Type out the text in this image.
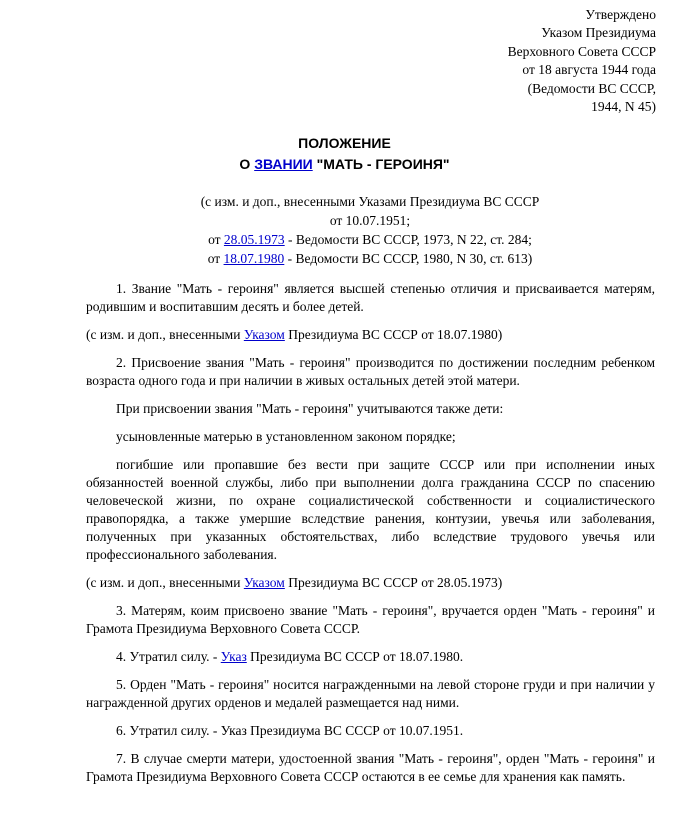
Утверждено
Указом Президиума
Верховного Совета СССР
от 18 августа 1944 года
(Ведомости ВС СССР,
1944, N 45)
ПОЛОЖЕНИЕ
О ЗВАНИИ "МАТЬ - ГЕРОИНЯ"
(с изм. и доп., внесенными Указами Президиума ВС СССР
от 10.07.1951;
от 28.05.1973 - Ведомости ВС СССР, 1973, N 22, ст. 284;
от 18.07.1980 - Ведомости ВС СССР, 1980, N 30, ст. 613)

1. Звание "Мать - героиня" является высшей степенью отличия и присваивается матерям, родившим и воспитавшим десять и более детей.

(с изм. и доп., внесенными Указом Президиума ВС СССР от 18.07.1980)

2. Присвоение звания "Мать - героиня" производится по достижении последним ребенком возраста одного года и при наличии в живых остальных детей этой матери.

При присвоении звания "Мать - героиня" учитываются также дети:

усыновленные матерью в установленном законом порядке;

погибшие или пропавшие без вести при защите СССР или при исполнении иных обязанностей военной службы, либо при выполнении долга гражданина СССР по спасению человеческой жизни, по охране социалистической собственности и социалистического правопорядка, а также умершие вследствие ранения, контузии, увечья или заболевания, полученных при указанных обстоятельствах, либо вследствие трудового увечья или профессионального заболевания.

(с изм. и доп., внесенными Указом Президиума ВС СССР от 28.05.1973)

3. Матерям, коим присвоено звание "Мать - героиня", вручается орден "Мать - героиня" и Грамота Президиума Верховного Совета СССР.

4. Утратил силу. - Указ Президиума ВС СССР от 18.07.1980.

5. Орден "Мать - героиня" носится награжденными на левой стороне груди и при наличии у награжденной других орденов и медалей размещается над ними.

6. Утратил силу. - Указ Президиума ВС СССР от 10.07.1951.

7. В случае смерти матери, удостоенной звания "Мать - героиня", орден "Мать - героиня" и Грамота Президиума Верховного Совета СССР остаются в ее семье для хранения как память.
